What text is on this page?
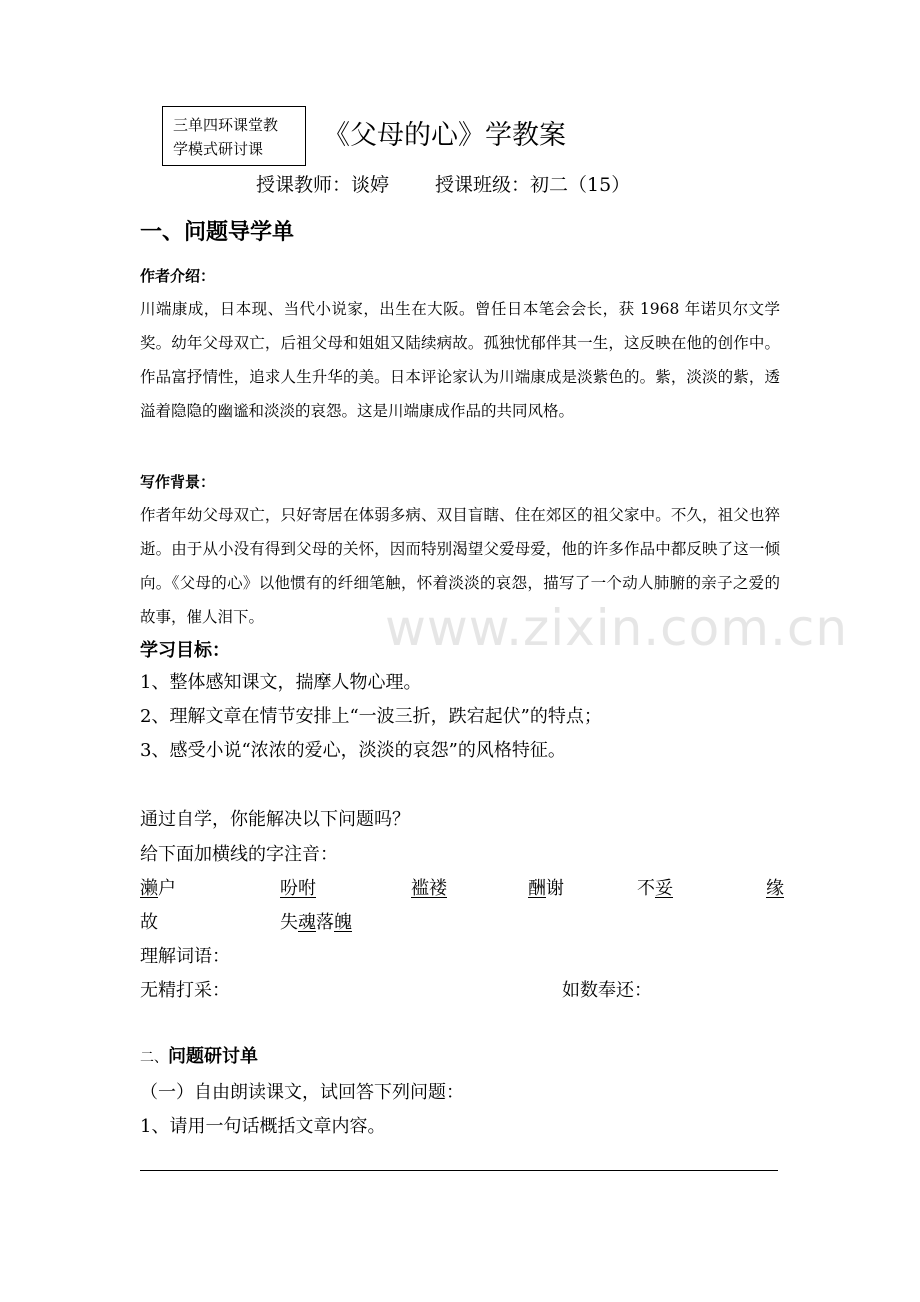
三单四环课堂教
学模式研讨课	《父母的心》学教案
授课教师：谈婷 授课班级：初二（15）
一、问题导学单
作者介绍：
川端康成，日本现、当代小说家，出生在大阪。曾任日本笔会会长，获 1968 年诺贝尔文学奖。幼年父母双亡，后祖父母和姐姐又陆续病故。孤独忧郁伴其一生，这反映在他的创作中。作品富抒情性，追求人生升华的美。日本评论家认为川端康成是淡紫色的。紫，淡淡的紫，透溢着隐隐的幽谧和淡淡的哀怨。这是川端康成作品的共同风格。
写作背景：
作者年幼父母双亡，只好寄居在体弱多病、双目盲瞎、住在郊区的祖父家中。不久，祖父也猝逝。由于从小没有得到父母的关怀，因而特别渴望父爱母爱，他的许多作品中都反映了这一倾向。《父母的心》以他惯有的纤细笔触，怀着淡淡的哀怨，描写了一个动人肺腑的亲子之爱的故事，催人泪下。
学习目标：
1、整体感知课文，揣摩人物心理。
2、理解文章在情节安排上“一波三折，跌宕起伏”的特点；
3、感受小说“浓浓的爱心，淡淡的哀怨”的风格特征。
www.zixin.com.cn
通过自学，你能解决以下问题吗？
给下面加横线的字注音：
濑户	吩咐	褴褛	酬谢	不妥	缘
故	失魂落魄
理解词语：
无精打采：	如数奉还：
二、问题研讨单
（一）自由朗读课文，试回答下列问题：
1、请用一句话概括文章内容。
